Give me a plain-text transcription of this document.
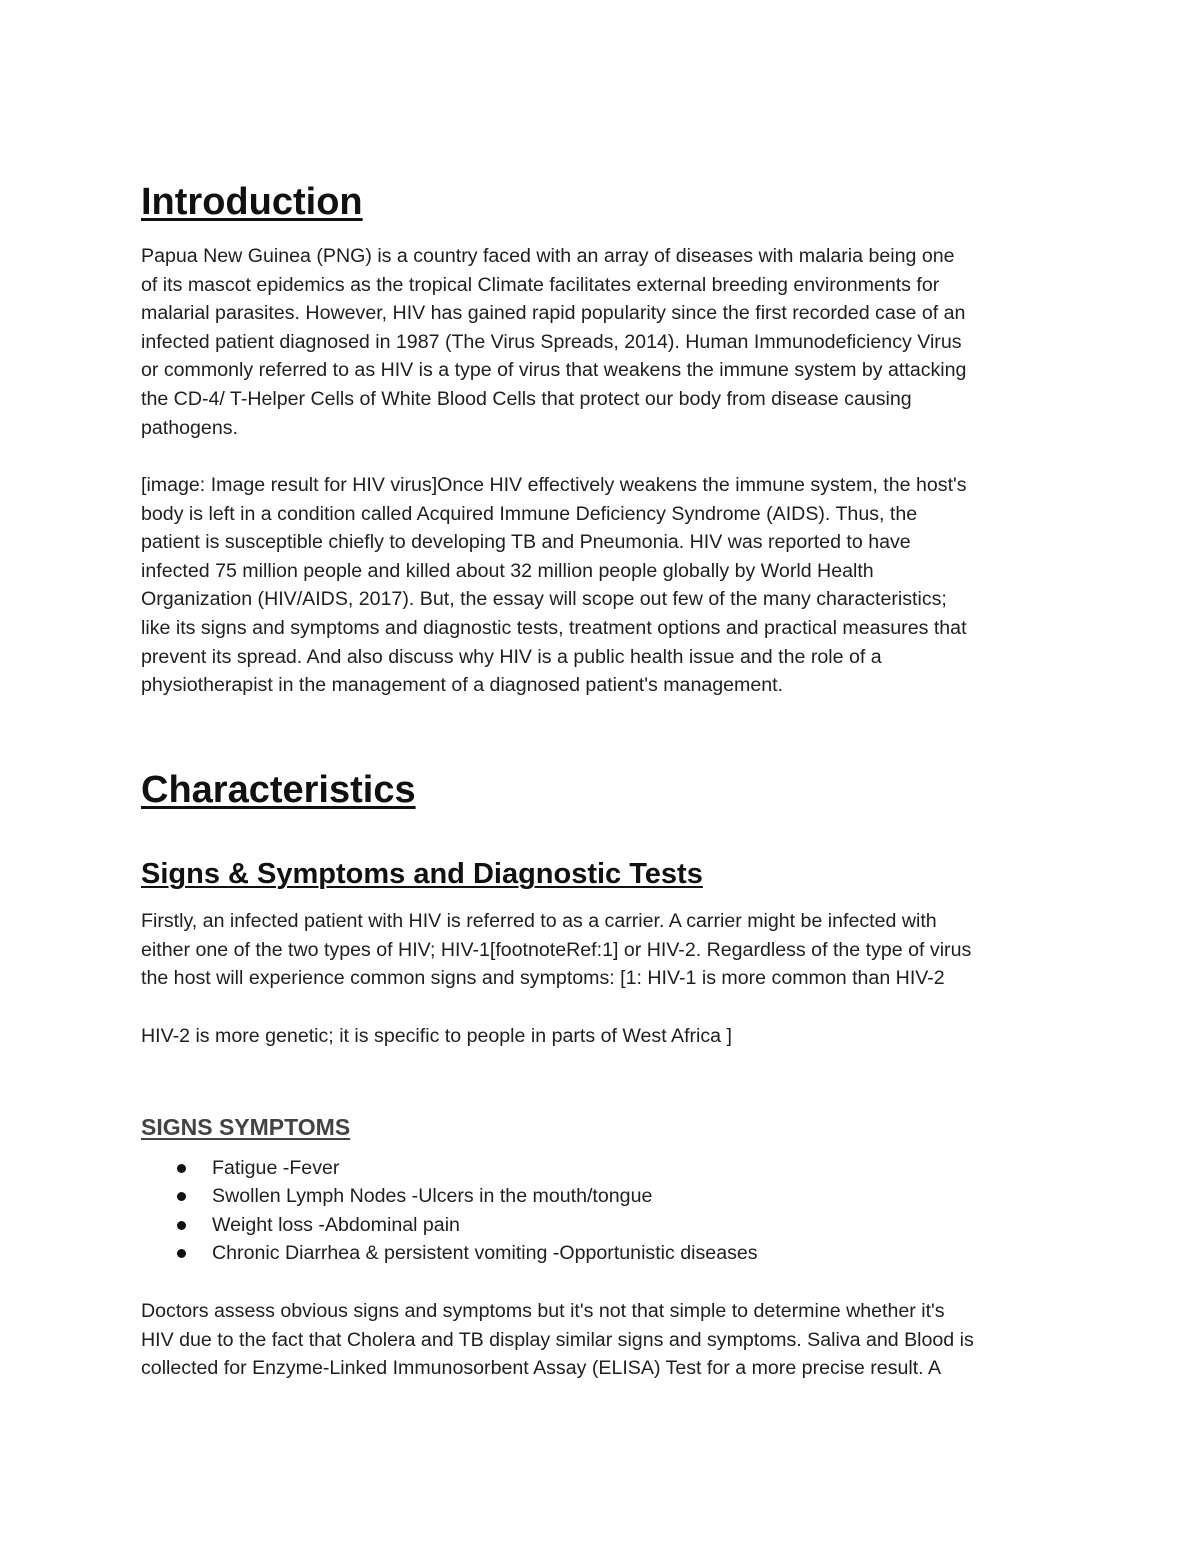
Introduction

Papua New Guinea (PNG) is a country faced with an array of diseases with malaria being one
of its mascot epidemics as the tropical Climate facilitates external breeding environments for
malarial parasites. However, HIV has gained rapid popularity since the first recorded case of an
infected patient diagnosed in 1987 (The Virus Spreads, 2014). Human Immunodeficiency Virus
or commonly referred to as HIV is a type of virus that weakens the immune system by attacking
the CD-4/ T-Helper Cells of White Blood Cells that protect our body from disease causing
pathogens.

[image: Image result for HIV virus]Once HIV effectively weakens the immune system, the host's
body is left in a condition called Acquired Immune Deficiency Syndrome (AIDS). Thus, the
patient is susceptible chiefly to developing TB and Pneumonia. HIV was reported to have
infected 75 million people and killed about 32 million people globally by World Health
Organization (HIV/AIDS, 2017). But, the essay will scope out few of the many characteristics;
like its signs and symptoms and diagnostic tests, treatment options and practical measures that
prevent its spread. And also discuss why HIV is a public health issue and the role of a
physiotherapist in the management of a diagnosed patient's management.

Characteristics
Signs & Symptoms and Diagnostic Tests

Firstly, an infected patient with HIV is referred to as a carrier. A carrier might be infected with
either one of the two types of HIV; HIV-1[footnoteRef:1] or HIV-2. Regardless of the type of virus
the host will experience common signs and symptoms: [1: HIV-1 is more common than HIV-2

HIV-2 is more genetic; it is specific to people in parts of West Africa ]

SIGNS SYMPTOMS
Fatigue -Fever
Swollen Lymph Nodes -Ulcers in the mouth/tongue
Weight loss -Abdominal pain
Chronic Diarrhea & persistent vomiting -Opportunistic diseases

Doctors assess obvious signs and symptoms but it's not that simple to determine whether it's
HIV due to the fact that Cholera and TB display similar signs and symptoms. Saliva and Blood is
collected for Enzyme-Linked Immunosorbent Assay (ELISA) Test for a more precise result. A
